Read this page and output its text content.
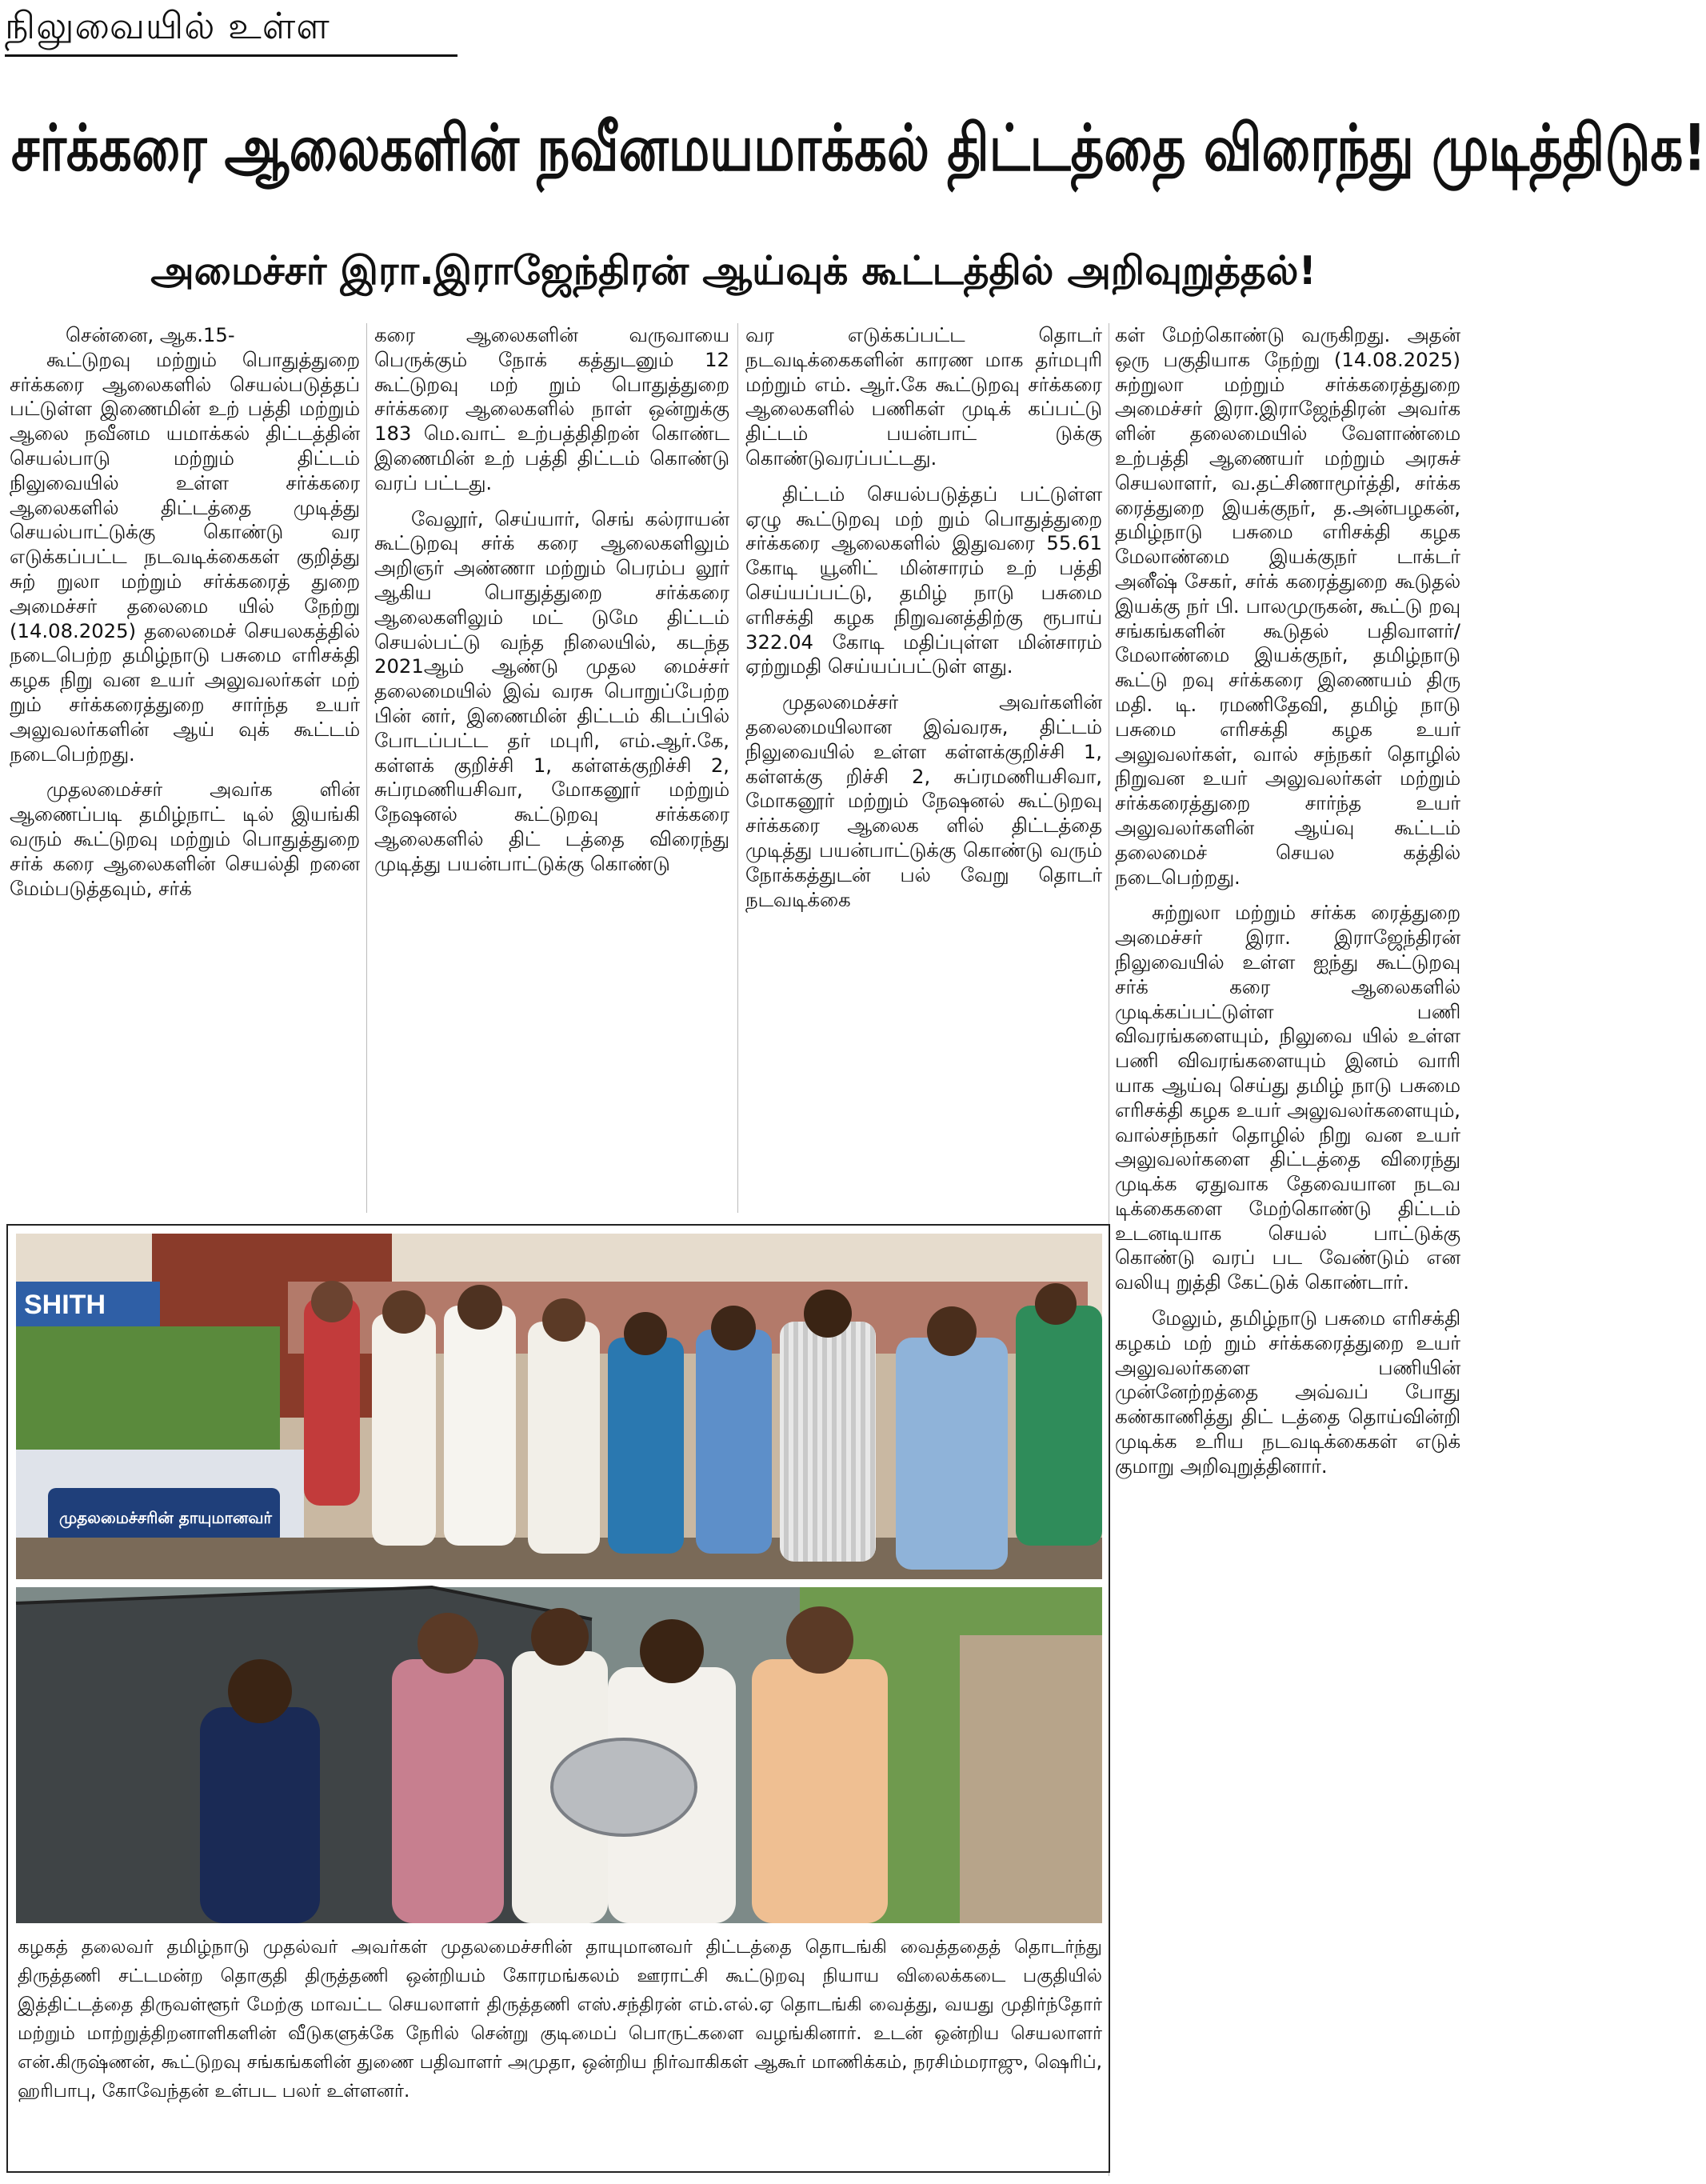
நிலுவையில் உள்ள
சர்க்கரை ஆலைகளின் நவீனமயமாக்கல் திட்டத்தை விரைந்து முடித்திடுக!
அமைச்சர் இரா.இராஜேந்திரன் ஆய்வுக் கூட்டத்தில் அறிவுறுத்தல்!

சென்னை, ஆக.15-

கூட்டுறவு மற்றும் பொதுத்துறை சர்க்கரை ஆலைகளில் செயல்படுத்தப் பட்டுள்ள இணைமின் உற் பத்தி மற்றும் ஆலை நவீனம யமாக்கல் திட்டத்தின் செயல்பாடு மற்றும் திட்டம் நிலுவையில் உள்ள சர்க்கரை ஆலைகளில் திட்டத்தை முடித்து செயல்பாட்டுக்கு கொண்டு வர எடுக்கப்பட்ட நடவடிக்கைகள் குறித்து சுற் றுலா மற்றும் சர்க்கரைத் துறை அமைச்சர் தலைமை யில் நேற்று (14.08.2025) தலைமைச் செயலகத்தில் நடைபெற்ற தமிழ்நாடு பசுமை எரிசக்தி கழக நிறு வன உயர் அலுவலர்கள் மற் றும் சர்க்கரைத்துறை சார்ந்த உயர் அலுவலர்களின் ஆய் வுக் கூட்டம் நடைபெற்றது.

முதலமைச்சர் அவர்க ளின் ஆணைப்படி தமிழ்நாட் டில் இயங்கி வரும் கூட்டுறவு மற்றும் பொதுத்துறை சர்க் கரை ஆலைகளின் செயல்தி றனை மேம்படுத்தவும், சர்க்

கரை ஆலைகளின் வருவாயை பெருக்கும் நோக் கத்துடனும் 12 கூட்டுறவு மற் றும் பொதுத்துறை சர்க்கரை ஆலைகளில் நாள் ஒன்றுக்கு 183 மெ.வாட் உற்பத்திதிறன் கொண்ட இணைமின் உற் பத்தி திட்டம் கொண்டு வரப் பட்டது.

வேலூர், செய்யார், செங் கல்ராயன் கூட்டுறவு சர்க் கரை ஆலைகளிலும் அறிஞர் அண்ணா மற்றும் பெரம்ப லூர் ஆகிய பொதுத்துறை சர்க்கரை ஆலைகளிலும் மட் டுமே திட்டம் செயல்பட்டு வந்த நிலையில், கடந்த 2021ஆம் ஆண்டு முதல மைச்சர் தலைமையில் இவ் வரசு பொறுப்பேற்ற பின் னர், இணைமின் திட்டம் கிடப்பில் போடப்பட்ட தர் மபுரி, எம்.ஆர்.கே, கள்ளக் குறிச்சி 1, கள்ளக்குறிச்சி 2, சுப்ரமணியசிவா, மோகனூர் மற்றும் நேஷனல் கூட்டுறவு சர்க்கரை ஆலைகளில் திட் டத்தை விரைந்து முடித்து பயன்பாட்டுக்கு கொண்டு

வர எடுக்கப்பட்ட தொடர் நடவடிக்கைகளின் காரண மாக தர்மபுரி மற்றும் எம். ஆர்.கே கூட்டுறவு சர்க்கரை ஆலைகளில் பணிகள் முடிக் கப்பட்டு திட்டம் பயன்பாட் டுக்கு கொண்டுவரப்பட்டது.

திட்டம் செயல்படுத்தப் பட்டுள்ள ஏழு கூட்டுறவு மற் றும் பொதுத்துறை சர்க்கரை ஆலைகளில் இதுவரை 55.61 கோடி யூனிட் மின்சாரம் உற் பத்தி செய்யப்பட்டு, தமிழ் நாடு பசுமை எரிசக்தி கழக நிறுவனத்திற்கு ரூபாய் 322.04 கோடி மதிப்புள்ள மின்சாரம் ஏற்றுமதி செய்யப்பட்டுள் ளது.

முதலமைச்சர் அவர்களின் தலைமையிலான இவ்வரசு, திட்டம் நிலுவையில் உள்ள கள்ளக்குறிச்சி 1, கள்ளக்கு றிச்சி 2, சுப்ரமணியசிவா, மோகனூர் மற்றும் நேஷனல் கூட்டுறவு சர்க்கரை ஆலைக ளில் திட்டத்தை முடித்து பயன்பாட்டுக்கு கொண்டு வரும் நோக்கத்துடன் பல் வேறு தொடர் நடவடிக்கை

கள் மேற்கொண்டு வருகிறது. அதன் ஒரு பகுதியாக நேற்று (14.08.2025) சுற்றுலா மற்றும் சர்க்கரைத்துறை அமைச்சர் இரா.இராஜேந்திரன் அவர்க ளின் தலைமையில் வேளாண்மை உற்பத்தி ஆணையர் மற்றும் அரசுச் செயலாளர், வ.தட்சிணாமூர்த்தி, சர்க்க ரைத்துறை இயக்குநர், த.அன்பழகன், தமிழ்நாடு பசுமை எரிசக்தி கழக மேலாண்மை இயக்குநர் டாக்டர் அனீஷ் சேகர், சர்க் கரைத்துறை கூடுதல் இயக்கு நர் பி. பாலமுருகன், கூட்டு றவு சங்கங்களின் கூடுதல் பதிவாளர்/ மேலாண்மை இயக்குநர், தமிழ்நாடு கூட்டு றவு சர்க்கரை இணையம் திரு மதி. டி. ரமணிதேவி, தமிழ் நாடு பசுமை எரிசக்தி கழக உயர் அலுவலர்கள், வால் சந்நகர் தொழில் நிறுவன உயர் அலுவலர்கள் மற்றும் சர்க்கரைத்துறை சார்ந்த உயர் அலுவலர்களின் ஆய்வு கூட்டம் தலைமைச் செயல கத்தில் நடைபெற்றது.

சுற்றுலா மற்றும் சர்க்க ரைத்துறை அமைச்சர் இரா. இராஜேந்திரன் நிலுவையில் உள்ள ஐந்து கூட்டுறவு சர்க் கரை ஆலைகளில் முடிக்கப்பட்டுள்ள பணி விவரங்களையும், நிலுவை யில் உள்ள பணி விவரங்களையும் இனம் வாரி யாக ஆய்வு செய்து தமிழ் நாடு பசுமை எரிசக்தி கழக உயர் அலுவலர்களையும், வால்சந்நகர் தொழில் நிறு வன உயர் அலுவலர்களை திட்டத்தை விரைந்து முடிக்க ஏதுவாக தேவையான நடவ டிக்கைகளை மேற்கொண்டு திட்டம் உடனடியாக செயல் பாட்டுக்கு கொண்டு வரப் பட வேண்டும் என வலியு றுத்தி கேட்டுக் கொண்டார்.

மேலும், தமிழ்நாடு பசுமை எரிசக்தி கழகம் மற் றும் சர்க்கரைத்துறை உயர் அலுவலர்களை பணியின் முன்னேற்றத்தை அவ்வப் போது கண்காணித்து திட் டத்தை தொய்வின்றி முடிக்க உரிய நடவடிக்கைகள் எடுக் குமாறு அறிவுறுத்தினார்.

SHITH
முதலமைச்சரின் தாயுமானவர்
கழகத் தலைவர் தமிழ்நாடு முதல்வர் அவர்கள் முதலமைச்சரின் தாயுமானவர் திட்டத்தை தொடங்கி வைத்ததைத் தொடர்ந்து திருத்தணி சட்டமன்ற தொகுதி திருத்தணி ஒன்றியம் கோரமங்கலம் ஊராட்சி கூட்டுறவு நியாய விலைக்கடை பகுதியில் இத்திட்டத்தை திருவள்ளூர் மேற்கு மாவட்ட செயலாளர் திருத்தணி எஸ்.சந்திரன் எம்.எல்.ஏ தொடங்கி வைத்து, வயது முதிர்ந்தோர் மற்றும் மாற்றுத்திறனாளிகளின் வீடுகளுக்கே நேரில் சென்று குடிமைப் பொருட்களை வழங்கினார். உடன் ஒன்றிய செயலாளர் என்.கிருஷ்ணன், கூட்டுறவு சங்கங்களின் துணை பதிவாளர் அமுதா, ஒன்றிய நிர்வாகிகள் ஆகூர் மாணிக்கம், நரசிம்மராஜு, ஷெரிப், ஹரிபாபு, கோவேந்தன் உள்பட பலர் உள்ளனர்.
